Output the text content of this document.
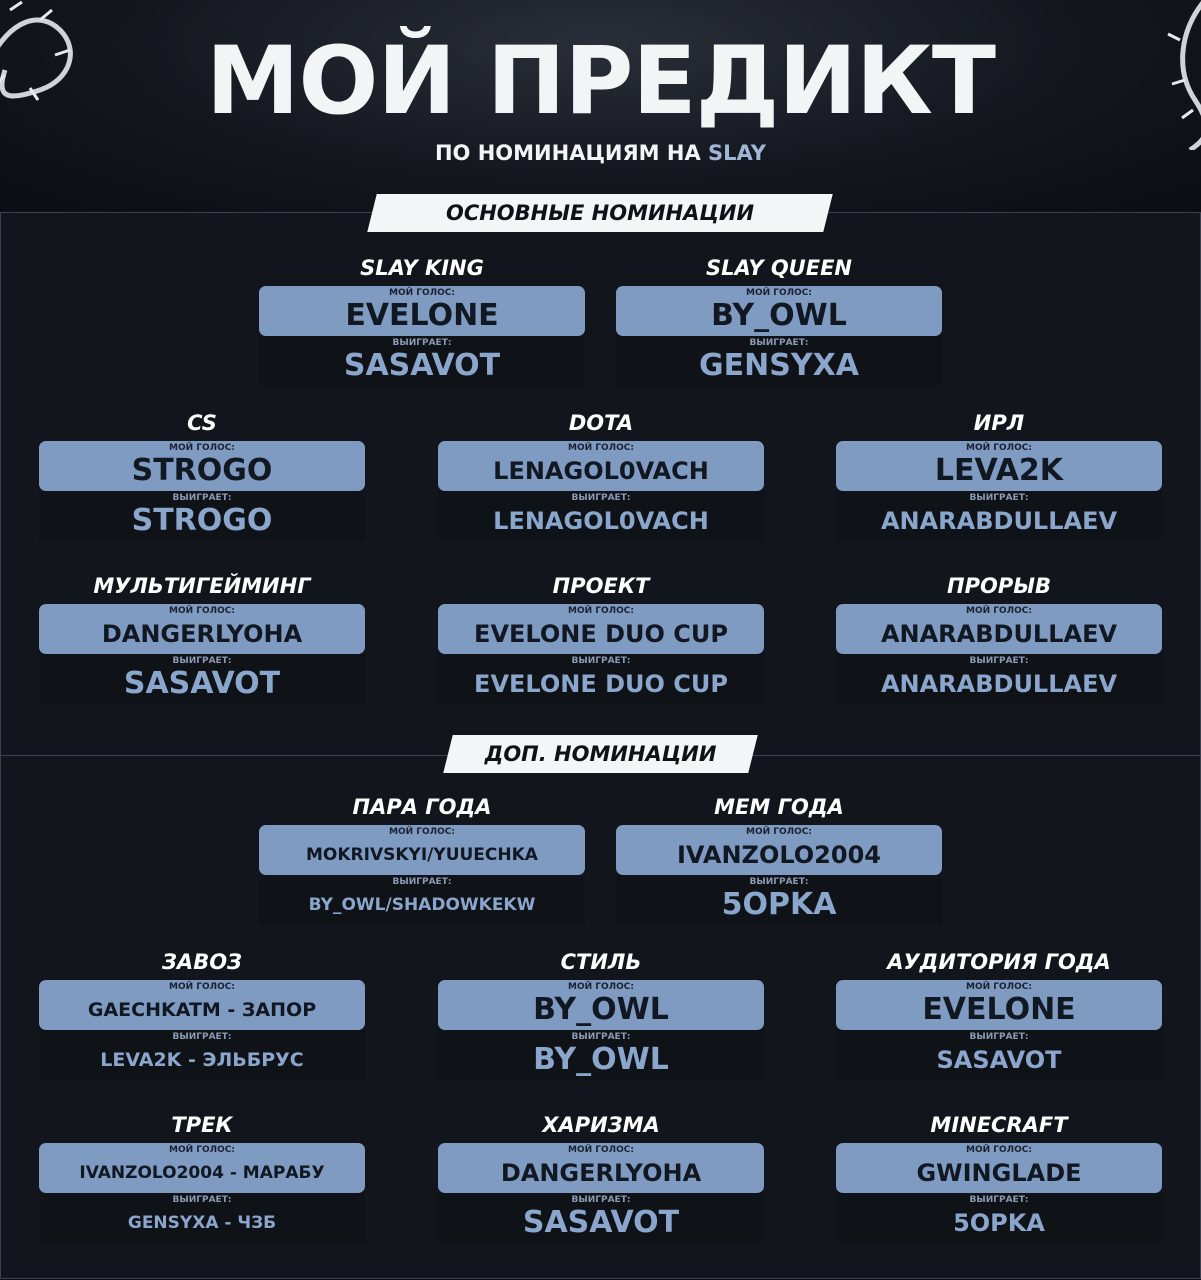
МОЙ ПРЕДИКТ
ПО НОМИНАЦИЯМ НА SLAY
ОСНОВНЫЕ НОМИНАЦИИ
ДОП. НОМИНАЦИИ
SLAY KING
МОЙ ГОЛОС:
EVELONE
ВЫИГРАЕТ:
SASAVOT
SLAY QUEEN
МОЙ ГОЛОС:
BY_OWL
ВЫИГРАЕТ:
GENSYXA
CS
МОЙ ГОЛОС:
STROGO
ВЫИГРАЕТ:
STROGO
DOTA
МОЙ ГОЛОС:
LENAGOL0VACH
ВЫИГРАЕТ:
LENAGOL0VACH
ИРЛ
МОЙ ГОЛОС:
LEVA2K
ВЫИГРАЕТ:
ANARABDULLAEV
МУЛЬТИГЕЙМИНГ
МОЙ ГОЛОС:
DANGERLYOHA
ВЫИГРАЕТ:
SASAVOT
ПРОЕКТ
МОЙ ГОЛОС:
EVELONE DUO CUP
ВЫИГРАЕТ:
EVELONE DUO CUP
ПРОРЫВ
МОЙ ГОЛОС:
ANARABDULLAEV
ВЫИГРАЕТ:
ANARABDULLAEV
ПАРА ГОДА
МОЙ ГОЛОС:
MOKRIVSKYI/YUUECHKA
ВЫИГРАЕТ:
BY_OWL/SHADOWKEKW
МЕМ ГОДА
МОЙ ГОЛОС:
IVANZOLO2004
ВЫИГРАЕТ:
5OPKA
ЗАВОЗ
МОЙ ГОЛОС:
GAECHKATM - ЗАПОР
ВЫИГРАЕТ:
LEVA2K - ЭЛЬБРУС
СТИЛЬ
МОЙ ГОЛОС:
BY_OWL
ВЫИГРАЕТ:
BY_OWL
АУДИТОРИЯ ГОДА
МОЙ ГОЛОС:
EVELONE
ВЫИГРАЕТ:
SASAVOT
ТРЕК
МОЙ ГОЛОС:
IVANZOLO2004 - МАРАБУ
ВЫИГРАЕТ:
GENSYXA - ЧЗБ
ХАРИЗМА
МОЙ ГОЛОС:
DANGERLYOHA
ВЫИГРАЕТ:
SASAVOT
MINECRAFT
МОЙ ГОЛОС:
GWINGLADE
ВЫИГРАЕТ:
5OPKA
